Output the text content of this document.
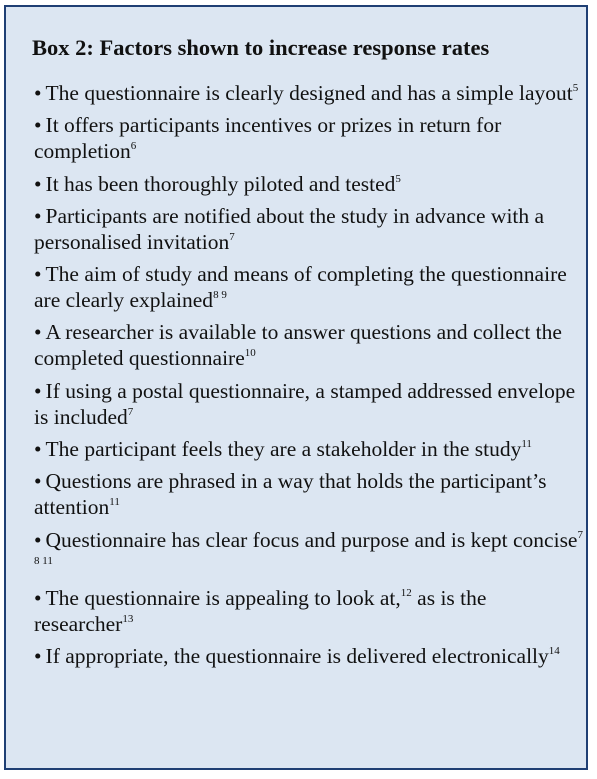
Box 2: Factors shown to increase response rates
• The questionnaire is clearly designed and has a simple layout$^5$
• It offers participants incentives or prizes in return for completion$^6$
• It has been thoroughly piloted and tested$^5$
• Participants are notified about the study in advance with a personalised invitation$^7$
• The aim of study and means of completing the questionnaire are clearly explained$^{8 9}$
• A researcher is available to answer questions and collect the completed questionnaire$^{10}$
• If using a postal questionnaire, a stamped addressed envelope is included$^7$
• The participant feels they are a stakeholder in the study$^{11}$
• Questions are phrased in a way that holds the participant’s attention$^{11}$
• Questionnaire has clear focus and purpose and is kept concise$^{7 8 11}$
• The questionnaire is appealing to look at,$^{12}$ as is the researcher$^{13}$
• If appropriate, the questionnaire is delivered electronically$^{14}$
